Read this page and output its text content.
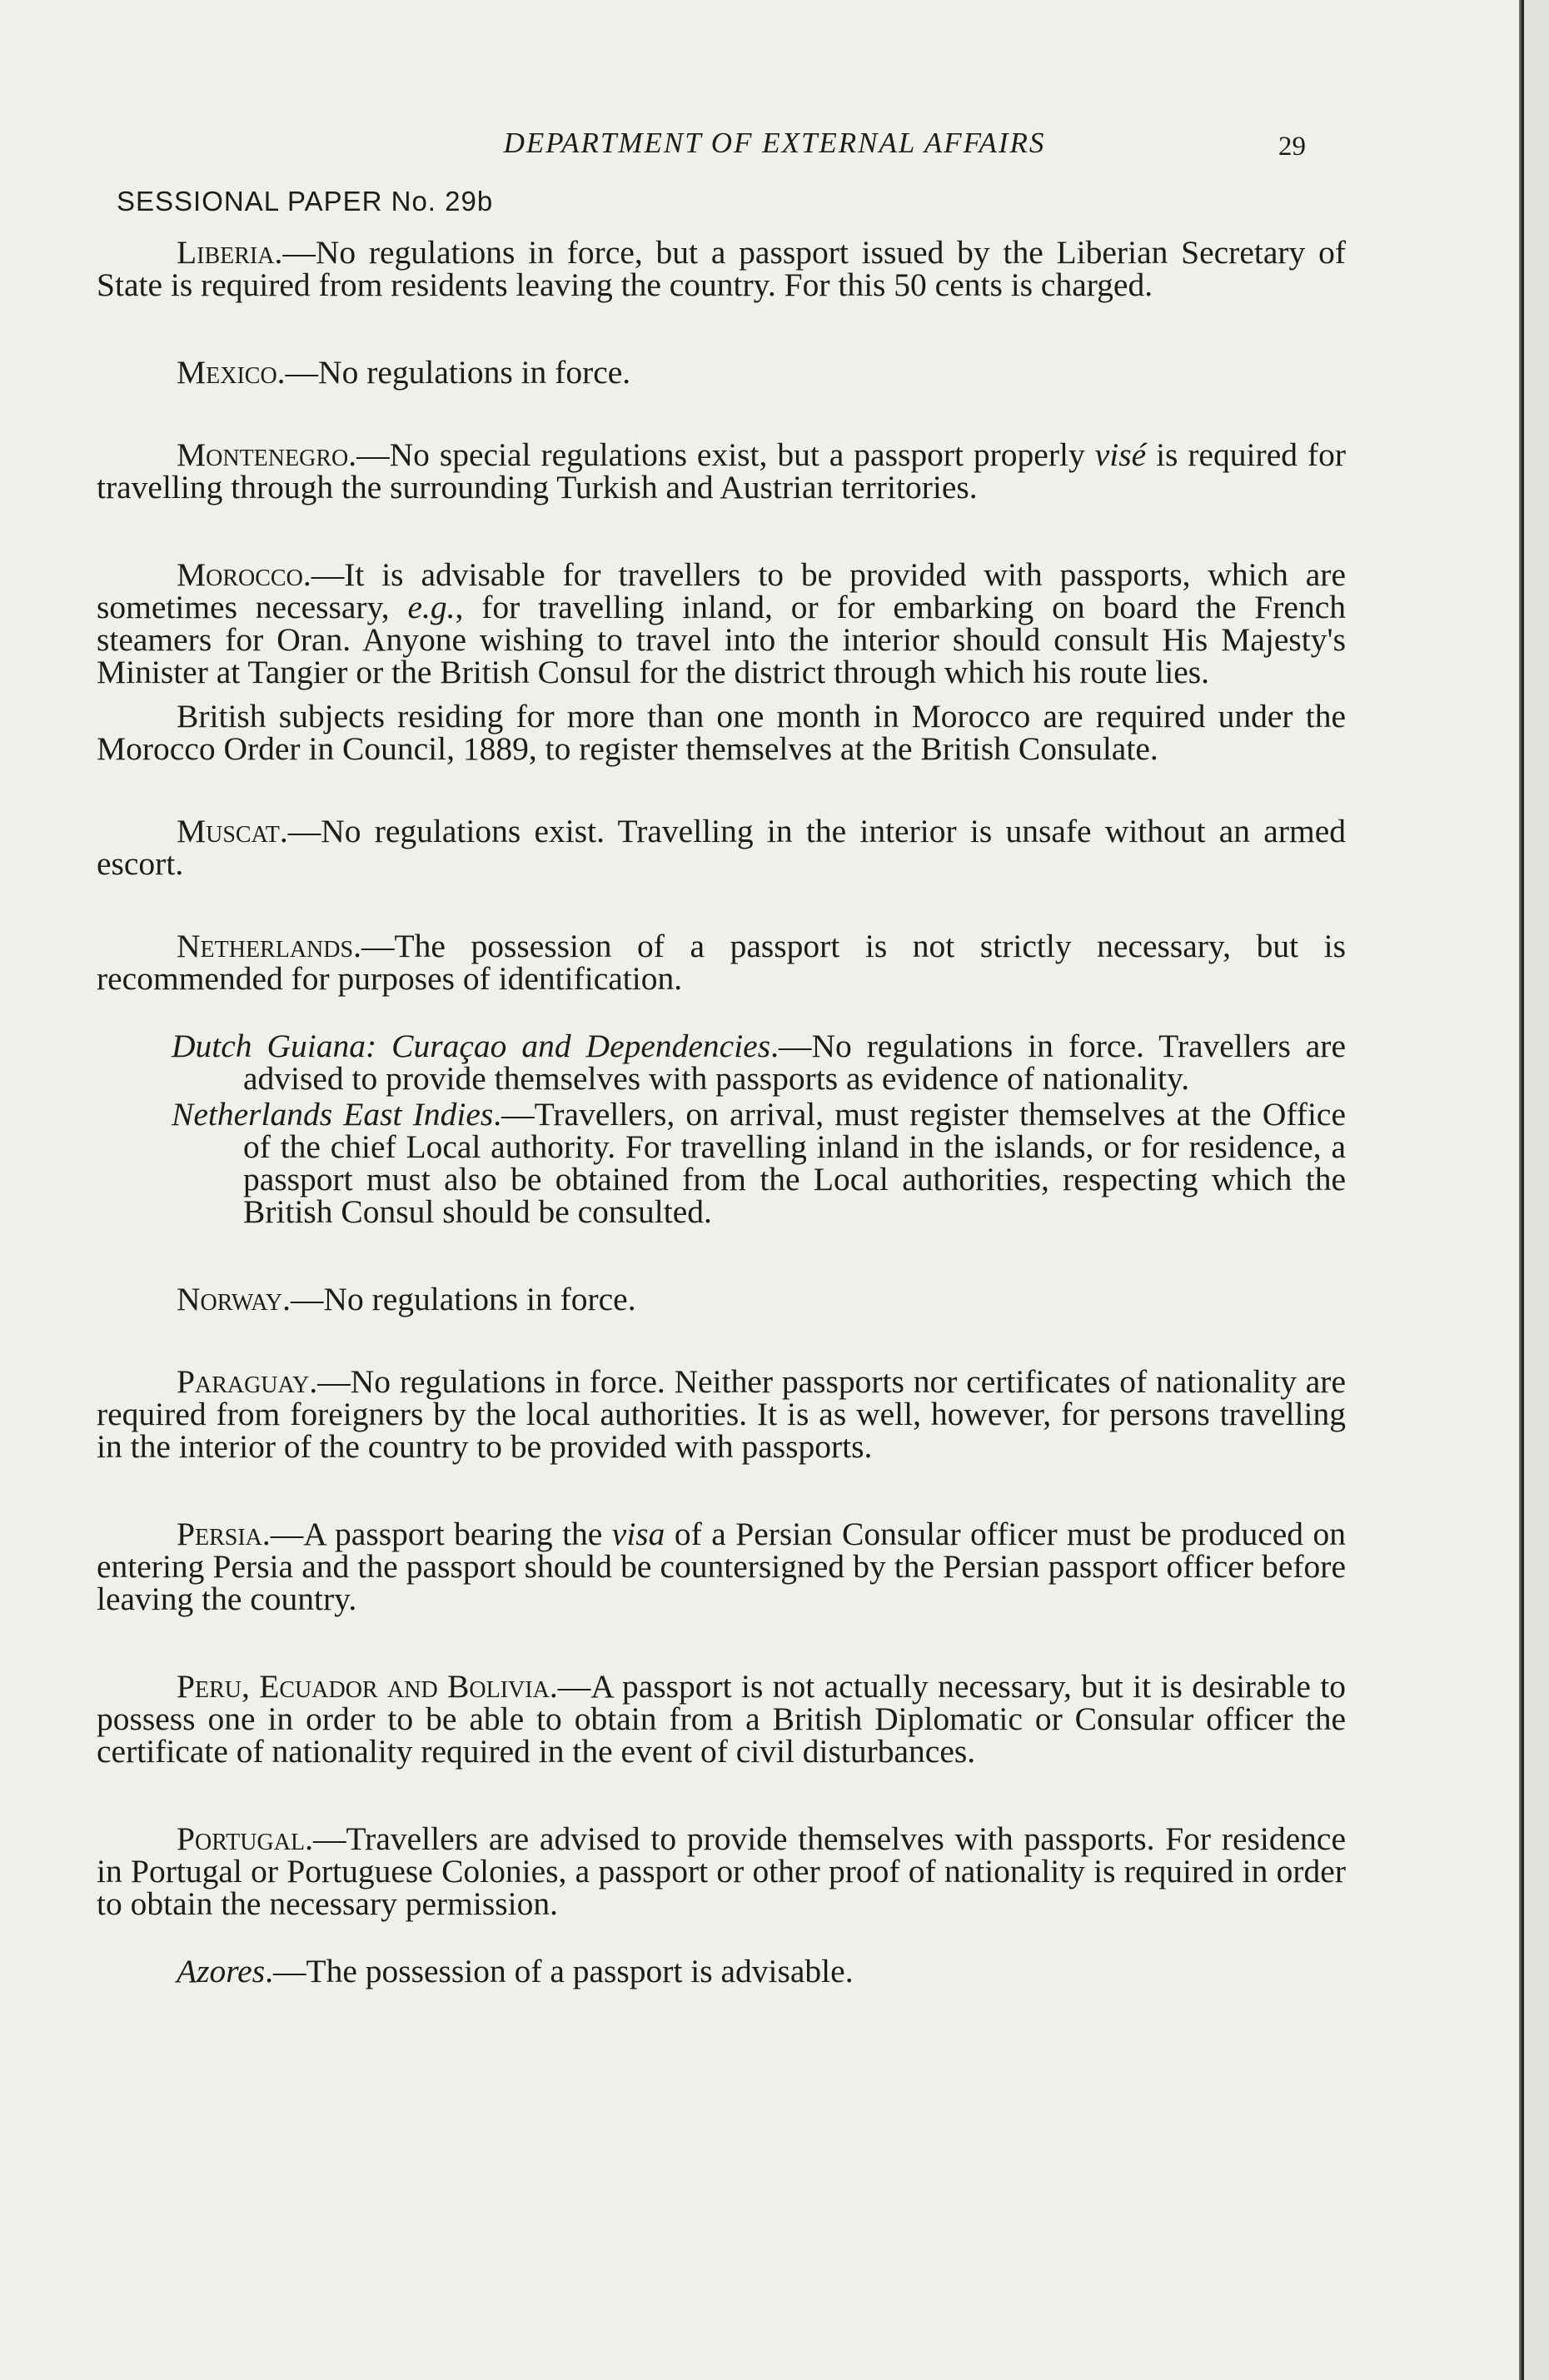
DEPARTMENT OF EXTERNAL AFFAIRS	29
SESSIONAL PAPER No. 29b

Liberia.—No regulations in force, but a passport issued by the Liberian Secretary of State is required from residents leaving the country. For this 50 cents is charged.

Mexico.—No regulations in force.

Montenegro.—No special regulations exist, but a passport properly visé is required for travelling through the surrounding Turkish and Austrian territories.

Morocco.—It is advisable for travellers to be provided with passports, which are sometimes necessary, e.g., for travelling inland, or for embarking on board the French steamers for Oran. Anyone wishing to travel into the interior should consult His Majesty's Minister at Tangier or the British Consul for the district through which his route lies.

British subjects residing for more than one month in Morocco are required under the Morocco Order in Council, 1889, to register themselves at the British Consulate.

Muscat.—No regulations exist. Travelling in the interior is unsafe without an armed escort.

Netherlands.—The possession of a passport is not strictly necessary, but is recommended for purposes of identification.

Dutch Guiana: Curaçao and Dependencies.—No regulations in force. Travellers are advised to provide themselves with passports as evidence of nationality.

Netherlands East Indies.—Travellers, on arrival, must register themselves at the Office of the chief Local authority. For travelling inland in the islands, or for residence, a passport must also be obtained from the Local authorities, respecting which the British Consul should be consulted.

Norway.—No regulations in force.

Paraguay.—No regulations in force. Neither passports nor certificates of nationality are required from foreigners by the local authorities. It is as well, however, for persons travelling in the interior of the country to be provided with passports.

Persia.—A passport bearing the visa of a Persian Consular officer must be produced on entering Persia and the passport should be countersigned by the Persian passport officer before leaving the country.

Peru, Ecuador and Bolivia.—A passport is not actually necessary, but it is desirable to possess one in order to be able to obtain from a British Diplomatic or Consular officer the certificate of nationality required in the event of civil disturbances.

Portugal.—Travellers are advised to provide themselves with passports. For residence in Portugal or Portuguese Colonies, a passport or other proof of nationality is required in order to obtain the necessary permission.

Azores.—The possession of a passport is advisable.
